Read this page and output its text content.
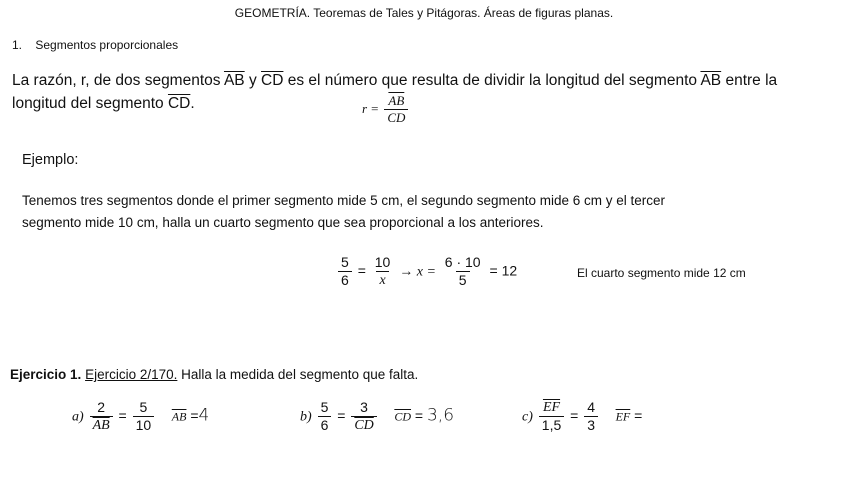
GEOMETRÍA. Teoremas de Tales y Pitágoras. Áreas de figuras planas.
1. Segmentos proporcionales
La razón, r, de dos segmentos $\overline{AB}$ y $\overline{CD}$ es el número que resulta de dividir la longitud del segmento $\overline{AB}$ entre la
longitud del segmento $\overline{CD}$.	$r = \frac{\overline{AB}}{CD}$
Ejemplo:
Tenemos tres segmentos donde el primer segmento mide 5 cm, el segundo segmento mide 6 cm y el tercer
segmento mide 10 cm, halla un cuarto segmento que sea proporcional a los anteriores.
$\frac{5}{6} = \frac{10}{x} \to x = \frac{6 \cdot 10}{5} = 12$	El cuarto segmento mide 12 cm
Ejercicio 1. Ejercicio 2/170. Halla la medida del segmento que falta.
$a) \frac{2}{AB} = \frac{5}{10} \overline{AB} =4$	$b) \frac{5}{6} = \frac{3}{CD} \overline{CD} = 3,6$	$c) \frac{\overline{EF}}{1,5} = \frac{4}{3} \overline{EF}$ =
